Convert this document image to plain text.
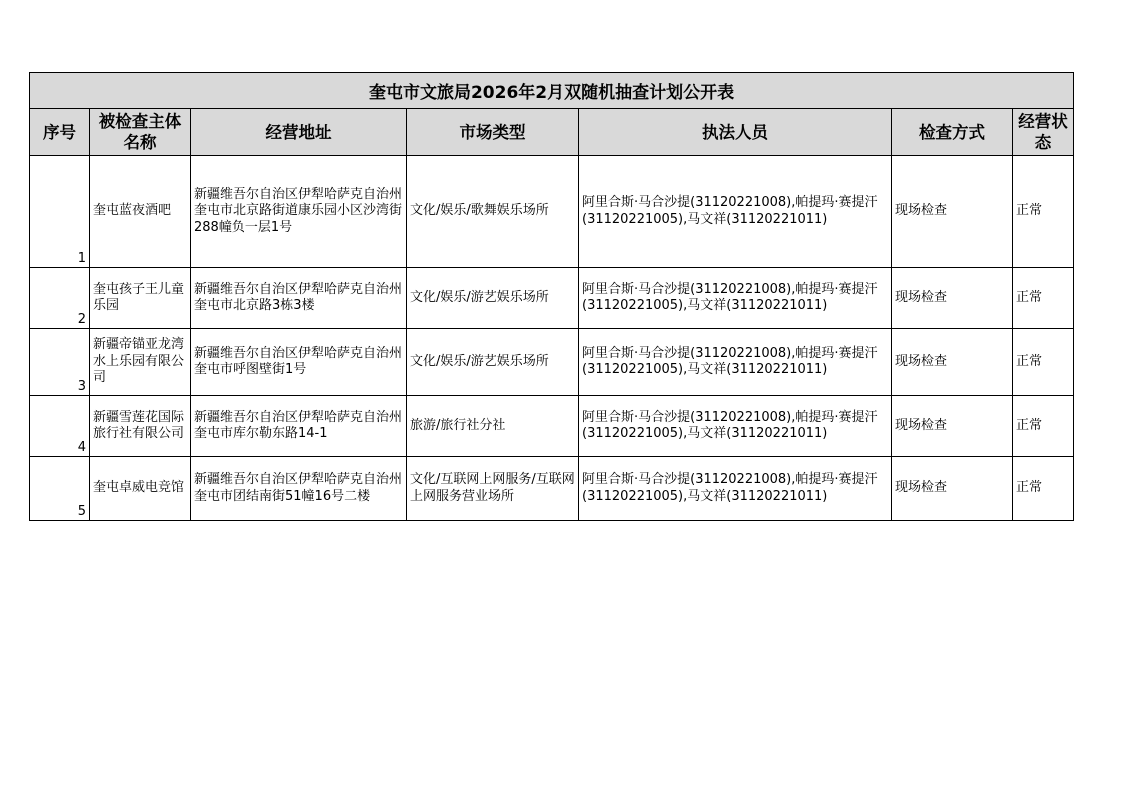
奎屯市文旅局2026年2月双随机抽查计划公开表						
序号	被检查主体名称	经营地址	市场类型	执法人员	检查方式	经营状态
1	奎屯蓝夜酒吧	新疆维吾尔自治区伊犁哈萨克自治州奎屯市北京路街道康乐园小区沙湾街288幢负一层1号	文化/娱乐/歌舞娱乐场所	阿里合斯·马合沙提(31120221008),帕提玛·赛提汗(31120221005),马文祥(31120221011)	现场检查	正常
2	奎屯孩子王儿童乐园	新疆维吾尔自治区伊犁哈萨克自治州奎屯市北京路3栋3楼	文化/娱乐/游艺娱乐场所	阿里合斯·马合沙提(31120221008),帕提玛·赛提汗(31120221005),马文祥(31120221011)	现场检查	正常
3	新疆帝锚亚龙湾水上乐园有限公司	新疆维吾尔自治区伊犁哈萨克自治州奎屯市呼图壁街1号	文化/娱乐/游艺娱乐场所	阿里合斯·马合沙提(31120221008),帕提玛·赛提汗(31120221005),马文祥(31120221011)	现场检查	正常
4	新疆雪莲花国际旅行社有限公司	新疆维吾尔自治区伊犁哈萨克自治州奎屯市库尔勒东路14-1	旅游/旅行社分社	阿里合斯·马合沙提(31120221008),帕提玛·赛提汗(31120221005),马文祥(31120221011)	现场检查	正常
5	奎屯卓威电竞馆	新疆维吾尔自治区伊犁哈萨克自治州奎屯市团结南街51幢16号二楼	文化/互联网上网服务/互联网上网服务营业场所	阿里合斯·马合沙提(31120221008),帕提玛·赛提汗(31120221005),马文祥(31120221011)	现场检查	正常
